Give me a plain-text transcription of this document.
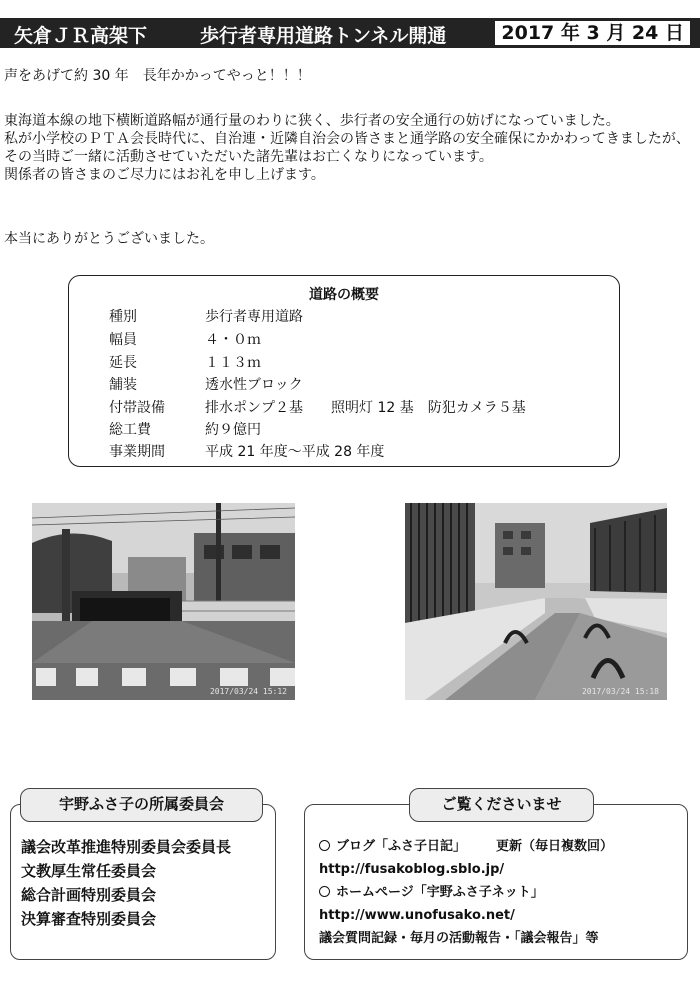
矢倉ＪＲ高架下	歩行者専用道路トンネル開通	2017 年 3 月 24 日
声をあげて約 30 年　長年かかってやっと！！！

東海道本線の地下横断道路幅が通行量のわりに狭く、歩行者の安全通行の妨げになっていました。

私が小学校のＰＴＡ会長時代に、自治連・近隣自治会の皆さまと通学路の安全確保にかかわってきましたが、その当時ご一緒に活動させていただいた諸先輩はお亡くなりになっています。

関係者の皆さまのご尽力にはお礼を申し上げます。

本当にありがとうございました。
道路の概要
種別	歩行者専用道路
幅員	４・０ｍ
延長	１１３ｍ
舗装	透水性ブロック
付帯設備	排水ポンプ２基　　照明灯 12 基　防犯カメラ５基
総工費	約９億円
事業期間	平成 21 年度～平成 28 年度
2017/03/24 15:12	2017/03/24 15:18
議会改革推進特別委員会委員長
文教厚生常任委員会
総合計画特別委員会
決算審査特別委員会
宇野ふさ子の所属委員会
ブログ「ふさ子日記」 更新（毎日複数回）
http://fusakoblog.sblo.jp/
ホームページ「宇野ふさ子ネット」
http://www.unofusako.net/
議会質問記録・毎月の活動報告・「議会報告」等
ご覧くださいませ
